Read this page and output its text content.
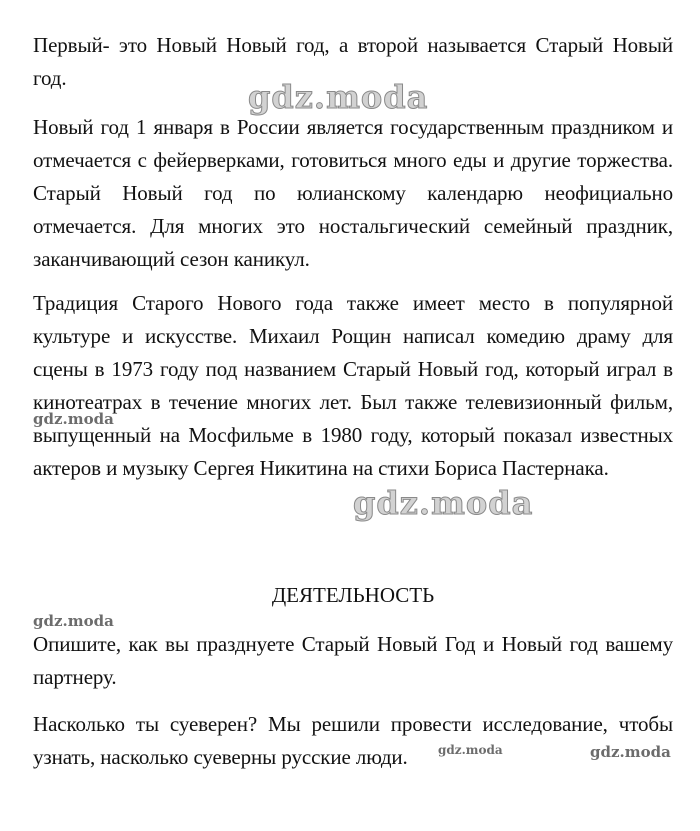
Первый- это Новый Новый год, а второй называется Старый Новый год.

Новый год 1 января в России является государственным праздником и отмечается с фейерверками, готовиться много еды и другие торжества. Старый Новый год по юлианскому календарю неофициально отмечается. Для многих это ностальгический семейный праздник, заканчивающий сезон каникул.

Традиция Старого Нового года также имеет место в популярной культуре и искусстве. Михаил Рощин написал комедию драму для сцены в 1973 году под названием Старый Новый год, который играл в кинотеатрах в течение многих лет. Был также телевизионный фильм, выпущенный на Мосфильме в 1980 году, который показал известных актеров и музыку Сергея Никитина на стихи Бориса Пастернака.

ДЕЯТЕЛЬНОСТЬ

Опишите, как вы празднуете Старый Новый Год и Новый год вашему партнеру.

Насколько ты суеверен? Мы решили провести исследование, чтобы узнать, насколько суеверны русские люди.

gdz.moda
gdz.moda
gdz.moda
gdz.moda
gdz.moda	gdz.moda
